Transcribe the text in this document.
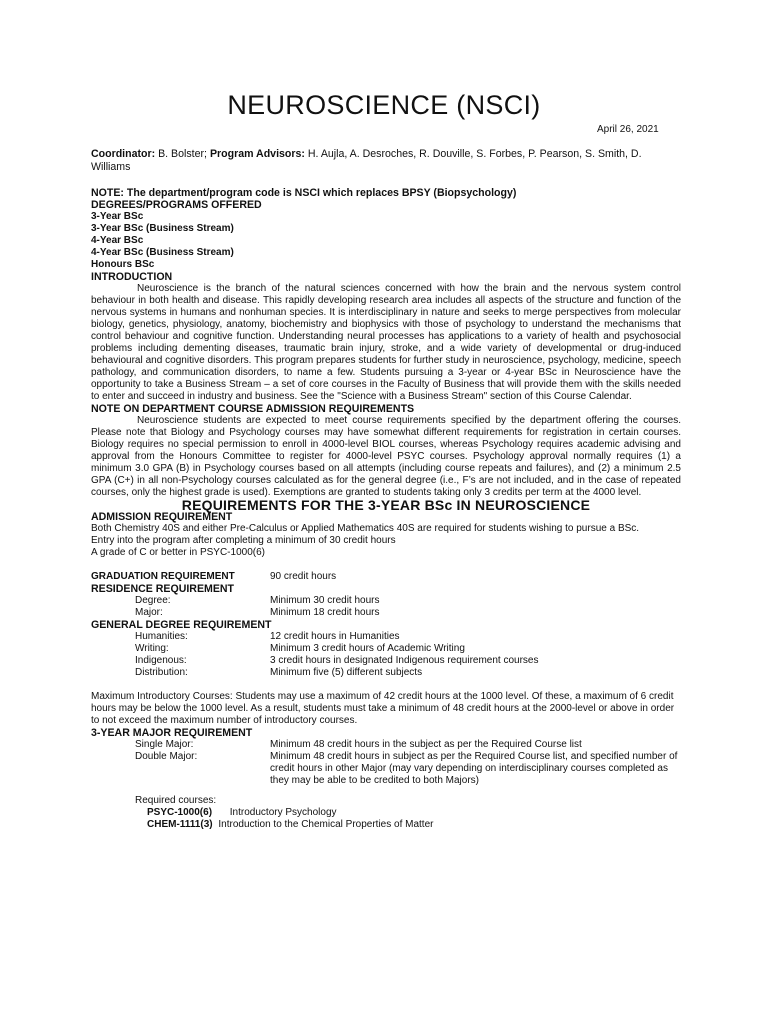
NEUROSCIENCE (NSCI)
April 26, 2021

Coordinator: B. Bolster; Program Advisors: H. Aujla, A. Desroches, R. Douville, S. Forbes, P. Pearson, S. Smith, D. Williams

NOTE: The department/program code is NSCI which replaces BPSY (Biopsychology)

DEGREES/PROGRAMS OFFERED

3-Year BSc

3-Year BSc (Business Stream)

4-Year BSc

4-Year BSc (Business Stream)

Honours BSc

INTRODUCTION

Neuroscience is the branch of the natural sciences concerned with how the brain and the nervous system control behaviour in both health and disease. This rapidly developing research area includes all aspects of the structure and function of the nervous systems in humans and nonhuman species. It is interdisciplinary in nature and seeks to merge perspectives from molecular biology, genetics, physiology, anatomy, biochemistry and biophysics with those of psychology to understand the mechanisms that control behaviour and cognitive function. Understanding neural processes has applications to a variety of health and psychosocial problems including dementing diseases, traumatic brain injury, stroke, and a wide variety of developmental or drug-induced behavioural and cognitive disorders. This program prepares students for further study in neuroscience, psychology, medicine, speech pathology, and communication disorders, to name a few. Students pursuing a 3-year or 4-year BSc in Neuroscience have the opportunity to take a Business Stream – a set of core courses in the Faculty of Business that will provide them with the skills needed to enter and succeed in industry and business. See the "Science with a Business Stream" section of this Course Calendar.

NOTE ON DEPARTMENT COURSE ADMISSION REQUIREMENTS

Neuroscience students are expected to meet course requirements specified by the department offering the courses. Please note that Biology and Psychology courses may have somewhat different requirements for registration in certain courses. Biology requires no special permission to enroll in 4000-level BIOL courses, whereas Psychology requires academic advising and approval from the Honours Committee to register for 4000-level PSYC courses. Psychology approval normally requires (1) a minimum 3.0 GPA (B) in Psychology courses based on all attempts (including course repeats and failures), and (2) a minimum 2.5 GPA (C+) in all non-Psychology courses calculated as for the general degree (i.e., F’s are not included, and in the case of repeated courses, only the highest grade is used). Exemptions are granted to students taking only 3 credits per term at the 4000 level.

REQUIREMENTS FOR THE 3-YEAR BSc IN NEUROSCIENCE

ADMISSION REQUIREMENT

Both Chemistry 40S and either Pre-Calculus or Applied Mathematics 40S are required for students wishing to pursue a BSc.

Entry into the program after completing a minimum of 30 credit hours

A grade of C or better in PSYC-1000(6)

GRADUATION REQUIREMENT	90 credit hours

RESIDENCE REQUIREMENT

Degree:	Minimum 30 credit hours
Major:	Minimum 18 credit hours

GENERAL DEGREE REQUIREMENT

Humanities:	12 credit hours in Humanities
Writing:	Minimum 3 credit hours of Academic Writing
Indigenous:	3 credit hours in designated Indigenous requirement courses
Distribution:	Minimum five (5) different subjects

Maximum Introductory Courses: Students may use a maximum of 42 credit hours at the 1000 level. Of these, a maximum of 6 credit hours may be below the 1000 level. As a result, students must take a minimum of 48 credit hours at the 2000-level or above in order to not exceed the maximum number of introductory courses.

3-YEAR MAJOR REQUIREMENT

Single Major:	Minimum 48 credit hours in the subject as per the Required Course list
Double Major:	Minimum 48 credit hours in subject as per the Required Course list, and specified number of credit hours in other Major (may vary depending on interdisciplinary courses completed as they may be able to be credited to both Majors)

Required courses:

PSYC-1000(6) Introductory Psychology

CHEM-1111(3) Introduction to the Chemical Properties of Matter
